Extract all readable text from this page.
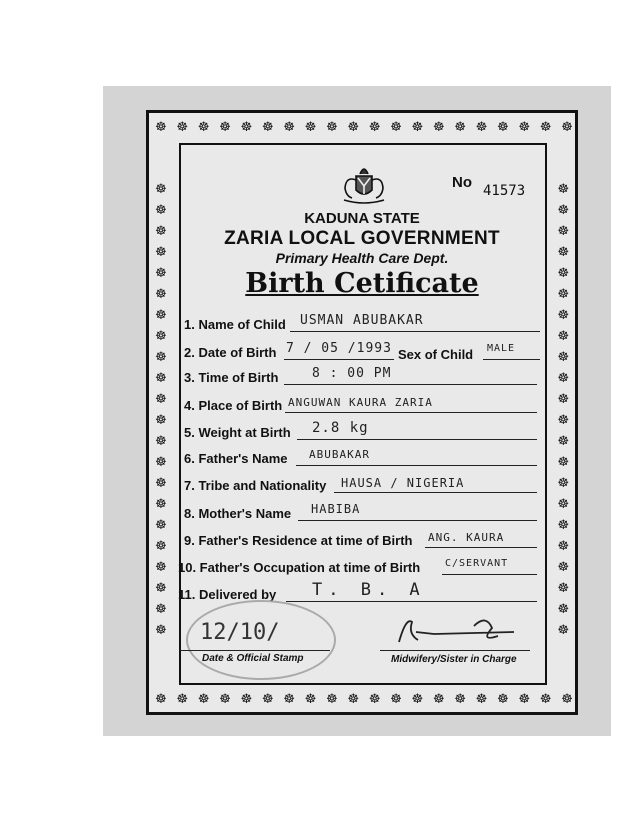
☸ ☸ ☸ ☸ ☸ ☸ ☸ ☸ ☸ ☸ ☸ ☸ ☸ ☸ ☸ ☸ ☸ ☸ ☸ ☸
☸ ☸ ☸ ☸ ☸ ☸ ☸ ☸ ☸ ☸ ☸ ☸ ☸ ☸ ☸ ☸ ☸ ☸ ☸ ☸
☸
☸
☸
☸
☸
☸
☸
☸
☸
☸
☸
☸
☸
☸
☸
☸
☸
☸
☸
☸
☸
☸
☸
☸
☸
☸
☸
☸
☸
☸
☸
☸
☸
☸
☸
☸
☸
☸
☸
☸
☸
☸
☸
☸
No 41573
KADUNA STATE
ZARIA LOCAL GOVERNMENT
Primary Health Care Dept.
Birth Cetificate
1. Name of Child USMAN ABUBAKAR
2. Date of Birth 7 / 05 /1993 Sex of Child MALE
3. Time of Birth	8 : 00 PM
4. Place of Birth ANGUWAN KAURA ZARIA
5. Weight at Birth 2.8 kg
6. Father's Name ABUBAKAR
7. Tribe and Nationality HAUSA / NIGERIA
8. Mother's Name HABIBA
9. Father's Residence at time of Birth ANG. KAURA
10. Father's Occupation at time of Birth C/SERVANT
11. Delivered by T. B. A
12/10/
Date & Official Stamp	Midwifery/Sister in Charge
